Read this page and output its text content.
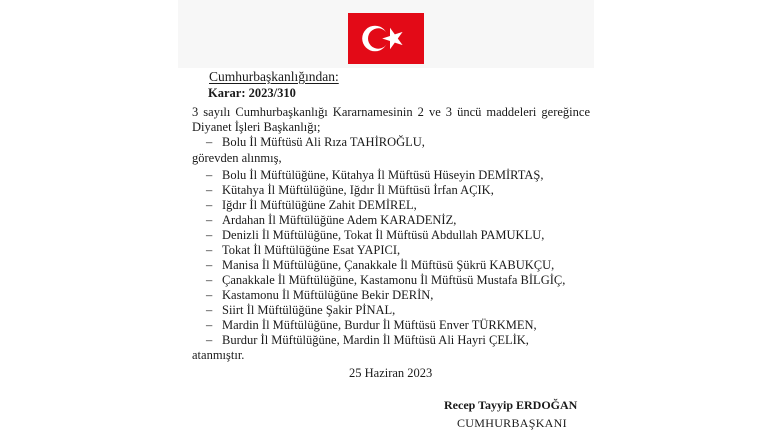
Cumhurbaşkanlığından:
Karar: 2023/310
3 sayılı Cumhurbaşkanlığı Kararnamesinin 2 ve 3 üncü maddeleri gereğince Diyanet İşleri Başkanlığı;
– Bolu İl Müftüsü Ali Rıza TAHİROĞLU,
görevden alınmış,
– Bolu İl Müftülüğüne, Kütahya İl Müftüsü Hüseyin DEMİRTAŞ,
– Kütahya İl Müftülüğüne, Iğdır İl Müftüsü İrfan AÇIK,
– Iğdır İl Müftülüğüne Zahit DEMİREL,
– Ardahan İl Müftülüğüne Adem KARADENİZ,
– Denizli İl Müftülüğüne, Tokat İl Müftüsü Abdullah PAMUKLU,
– Tokat İl Müftülüğüne Esat YAPICI,
– Manisa İl Müftülüğüne, Çanakkale İl Müftüsü Şükrü KABUKÇU,
– Çanakkale İl Müftülüğüne, Kastamonu İl Müftüsü Mustafa BİLGİÇ,
– Kastamonu İl Müftülüğüne Bekir DERİN,
– Siirt İl Müftülüğüne Şakir PİNAL,
– Mardin İl Müftülüğüne, Burdur İl Müftüsü Enver TÜRKMEN,
– Burdur İl Müftülüğüne, Mardin İl Müftüsü Ali Hayri ÇELİK,
atanmıştır.
25 Haziran 2023
Recep Tayyip ERDOĞAN
CUMHURBAŞKANI
